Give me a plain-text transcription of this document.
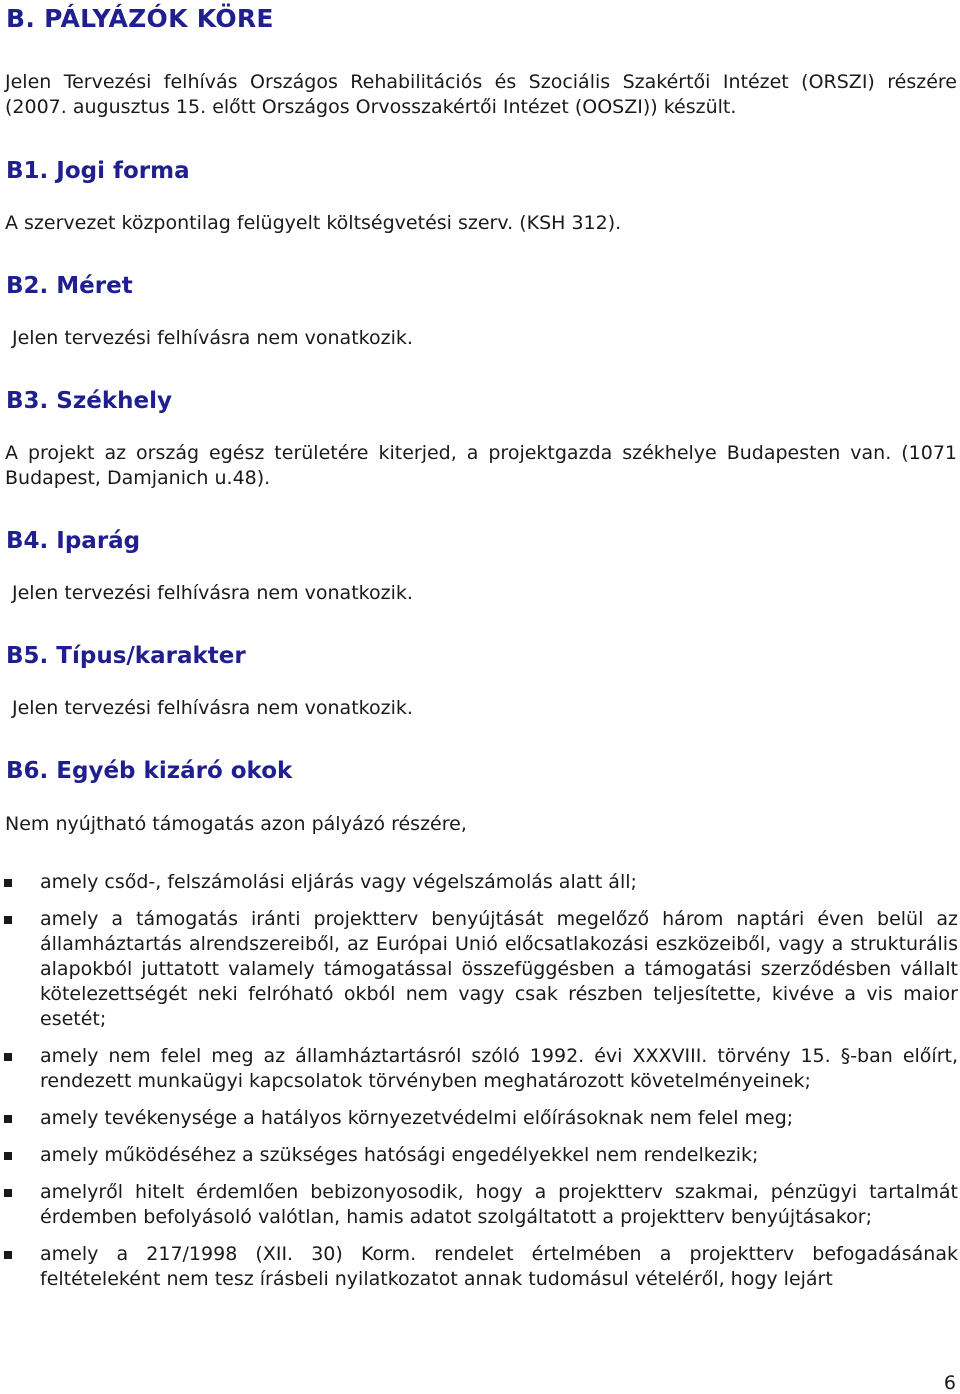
B. PÁLYÁZÓK KÖRE

Jelen Tervezési felhívás Országos Rehabilitációs és Szociális Szakértői Intézet (ORSZI) részére (2007. augusztus 15. előtt Országos Orvosszakértői Intézet (OOSZI)) készült.

B1. Jogi forma

A szervezet központilag felügyelt költségvetési szerv. (KSH 312).

B2. Méret

Jelen tervezési felhívásra nem vonatkozik.

B3. Székhely

A projekt az ország egész területére kiterjed, a projektgazda székhelye Budapesten van. (1071 Budapest, Damjanich u.48).

B4. Iparág

Jelen tervezési felhívásra nem vonatkozik.

B5. Típus/karakter

Jelen tervezési felhívásra nem vonatkozik.

B6. Egyéb kizáró okok

Nem nyújtható támogatás azon pályázó részére,

amely csőd-, felszámolási eljárás vagy végelszámolás alatt áll;
amely a támogatás iránti projektterv benyújtását megelőző három naptári éven belül az államháztartás alrendszereiből, az Európai Unió előcsatlakozási eszközeiből, vagy a strukturális alapokból juttatott valamely támogatással összefüggésben a támogatási szerződésben vállalt kötelezettségét neki felróható okból nem vagy csak részben teljesítette, kivéve a vis maior esetét;
amely nem felel meg az államháztartásról szóló 1992. évi XXXVIII. törvény 15. §-ban előírt, rendezett munkaügyi kapcsolatok törvényben meghatározott követelményeinek;
amely tevékenysége a hatályos környezetvédelmi előírásoknak nem felel meg;
amely működéséhez a szükséges hatósági engedélyekkel nem rendelkezik;
amelyről hitelt érdemlően bebizonyosodik, hogy a projektterv szakmai, pénzügyi tartalmát érdemben befolyásoló valótlan, hamis adatot szolgáltatott a projektterv benyújtásakor;
amely a 217/1998 (XII. 30) Korm. rendelet értelmében a projektterv befogadásának feltételeként nem tesz írásbeli nyilatkozatot annak tudomásul vételéről, hogy lejárt
6
